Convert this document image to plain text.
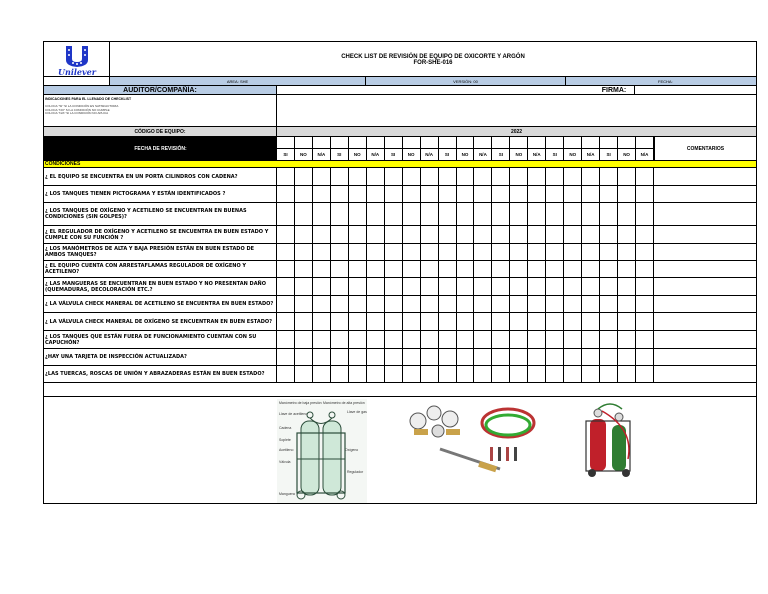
Unilever
CHECK LIST DE REVISIÓN DE EQUIPO DE OXICORTE Y ARGÓN
FOR-SHE-016
AREA: SHE	VERSIÓN: 00	FECHA:
AUDITOR/COMPAÑÍA:	FIRMA:
INDICACIONES PARA EL LLENADO DE CHECKLIST
COLOCA "SI" SI LA CONDICIÓN ES SATISFACTORIA
COLOCA "NO" SI LA CONDICIÓN NO CUMPLE
COLOCA "N/A" SI LA CONDICIÓN NO APLICA
CÓDIGO DE EQUIPO:	2022
FECHA DE REVISIÓN:
SI	NO	N/A	SI	NO	N/A	SI	NO	N/A	SI	NO	N/A	SI	NO	N/A	SI	NO	N/A	SI	NO	N/A
COMENTARIOS
CONDICIONES
¿ EL EQUIPO SE ENCUENTRA EN UN PORTA CILINDROS CON CADENA?
¿ LOS TANQUES TIENEN PICTOGRAMA Y ESTÁN IDENTIFICADOS ?
¿ LOS TANQUES DE OXÍGENO Y ACETILENO SE ENCUENTRAN EN BUENAS CONDICIONES (SIN GOLPES)?
¿ EL REGULADOR DE OXÍGENO Y ACETILENO SE ENCUENTRA EN BUEN ESTADO Y CUMPLE CON SU FUNCIÓN ?
¿ LOS MANÓMETROS DE ALTA Y BAJA PRESIÓN ESTÁN EN BUEN ESTADO DE AMBOS TANQUES?
¿ EL EQUIPO CUENTA CON ARRESTAFLAMAS REGULADOR DE OXÍGENO Y ACETILENO?
¿ LAS MANGUERAS SE ENCUENTRAN EN BUEN ESTADO Y NO PRESENTAN DAÑO (QUEMADURAS, DECOLORACIÓN ETC.?
¿ LA VÁLVULA CHECK MANERAL DE ACETILENO SE ENCUENTRA EN BUEN ESTADO?
¿ LA VÁLVULA CHECK MANERAL DE OXÍGENO SE ENCUENTRAN EN BUEN ESTADO?
¿ LOS TANQUES QUE ESTÁN FUERA DE FUNCIONAMIENTO CUENTAN CON SU CAPUCHÓN?
¿HAY UNA TARJETA DE INSPECCIÓN ACTUALIZADA?
¿LAS TUERCAS, ROSCAS DE UNIÓN Y ABRAZADERAS ESTÁN EN BUEN ESTADO?
Manómetro de baja presión Manómetro de alta presión
Llave de acetileno	Llave de gas
Cadena
Soplete
Acetileno	Oxígeno
Válvula
Regulador
Manguera
